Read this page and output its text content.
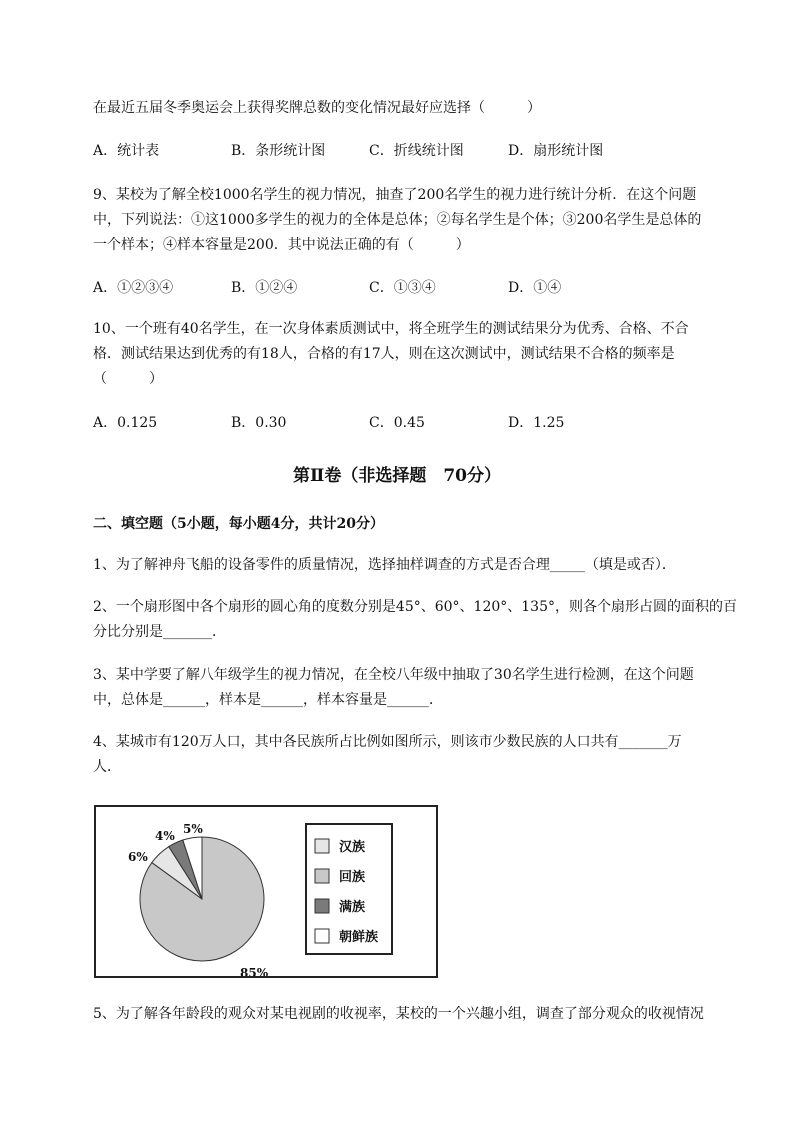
在最近五届冬季奥运会上获得奖牌总数的变化情况最好应选择（　　　）
A．统计表	B．条形统计图	C．折线统计图	D．扇形统计图
9、某校为了解全校1000名学生的视力情况，抽查了200名学生的视力进行统计分析．在这个问题
中，下列说法：①这1000多学生的视力的全体是总体；②每名学生是个体；③200名学生是总体的
一个样本；④样本容量是200．其中说法正确的有（　　　）
A．①②③④	B．①②④	C．①③④	D．①④
10、一个班有40名学生，在一次身体素质测试中，将全班学生的测试结果分为优秀、合格、不合
格．测试结果达到优秀的有18人，合格的有17人，则在这次测试中，测试结果不合格的频率是
（　　　）
A．0.125	B．0.30	C．0.45	D．1.25
第Ⅱ卷（非选择题　70分）
二、填空题（5小题，每小题4分，共计20分）
1、为了解神舟飞船的设备零件的质量情况，选择抽样调查的方式是否合理_____（填是或否）．
2、一个扇形图中各个扇形的圆心角的度数分别是45°、60°、120°、135°，则各个扇形占圆的面积的百
分比分别是_______．
3、某中学要了解八年级学生的视力情况，在全校八年级中抽取了30名学生进行检测，在这个问题
中，总体是______，样本是______，样本容量是______．
4、某城市有120万人口，其中各民族所占比例如图所示，则该市少数民族的人口共有_______万
人．
85%
6%
4% 5%
汉族
回族
满族
朝鲜族
5、为了解各年龄段的观众对某电视剧的收视率，某校的一个兴趣小组，调查了部分观众的收视情况
